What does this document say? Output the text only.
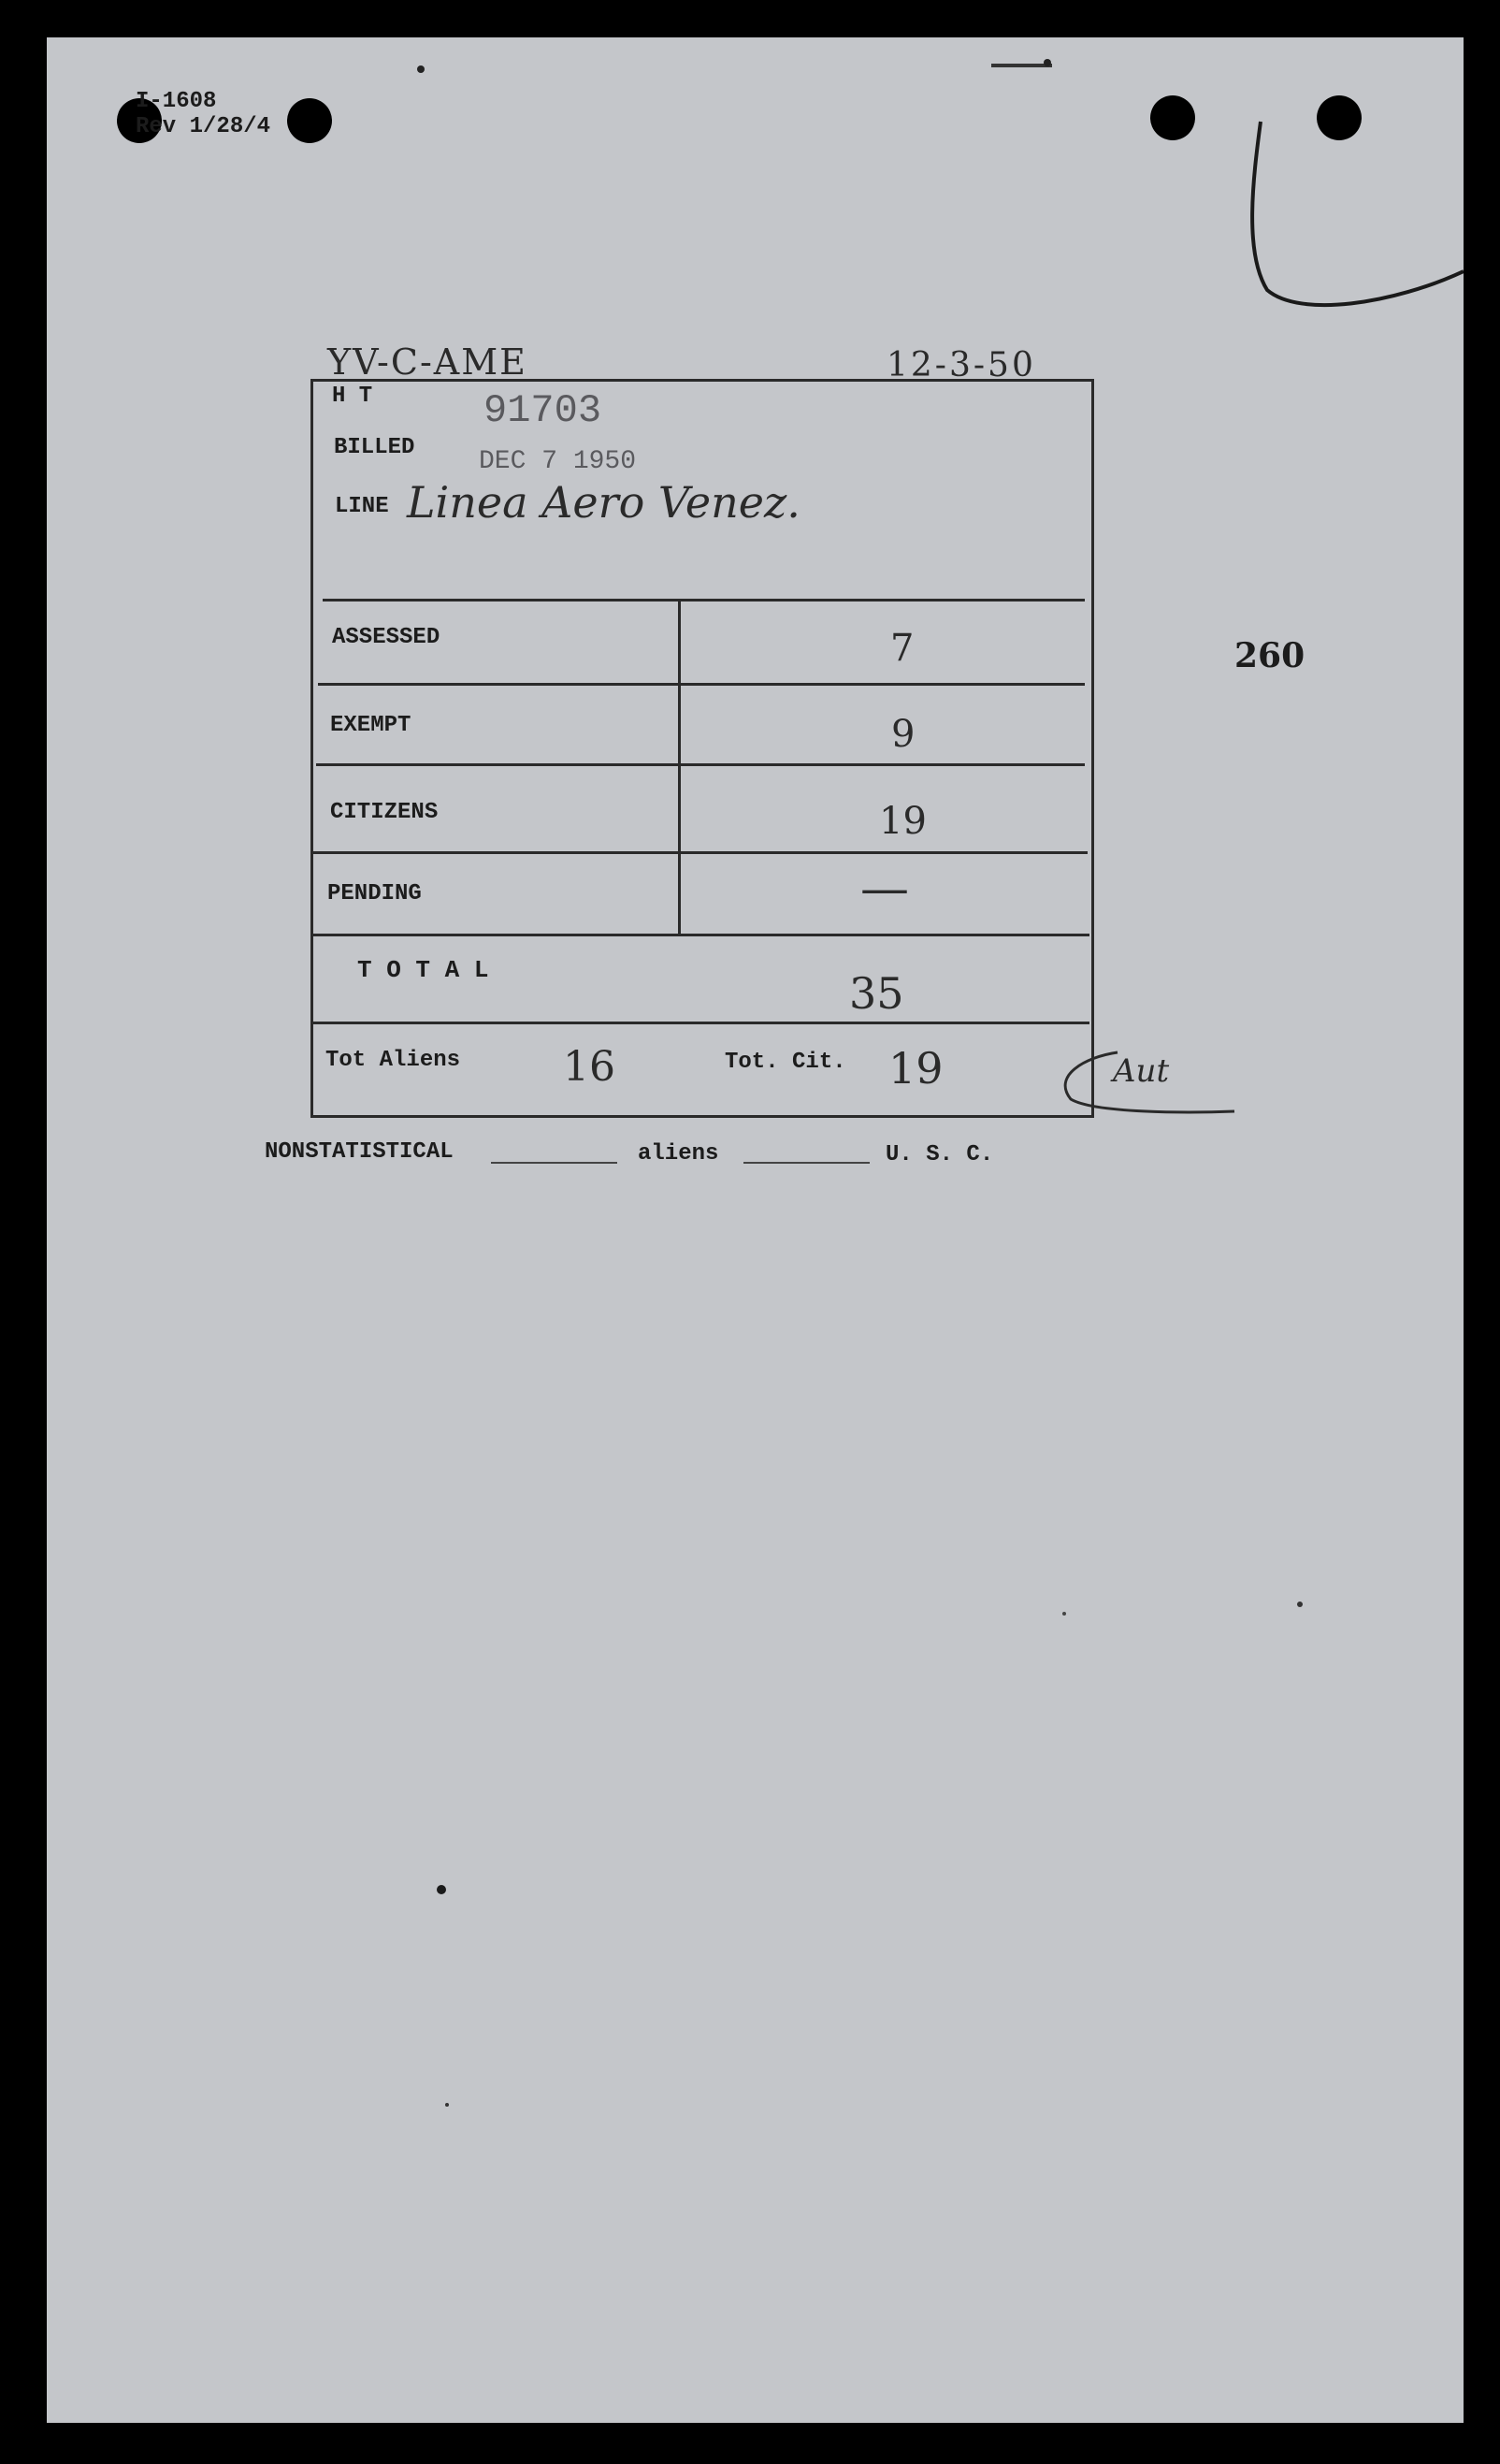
I-1608
Rev 1/28/4
YV-C-AME	12-3-50
H T	91703
BILLED DEC 7 1950
LINE Linea Aero Venez.
ASSESSED	7
EXEMPT	9
CITIZENS	19
PENDING	—
T O T A L	35
Tot Aliens 16	Tot. Cit. 19	Aut
NONSTATISTICAL	aliens	U. S. C.
260
